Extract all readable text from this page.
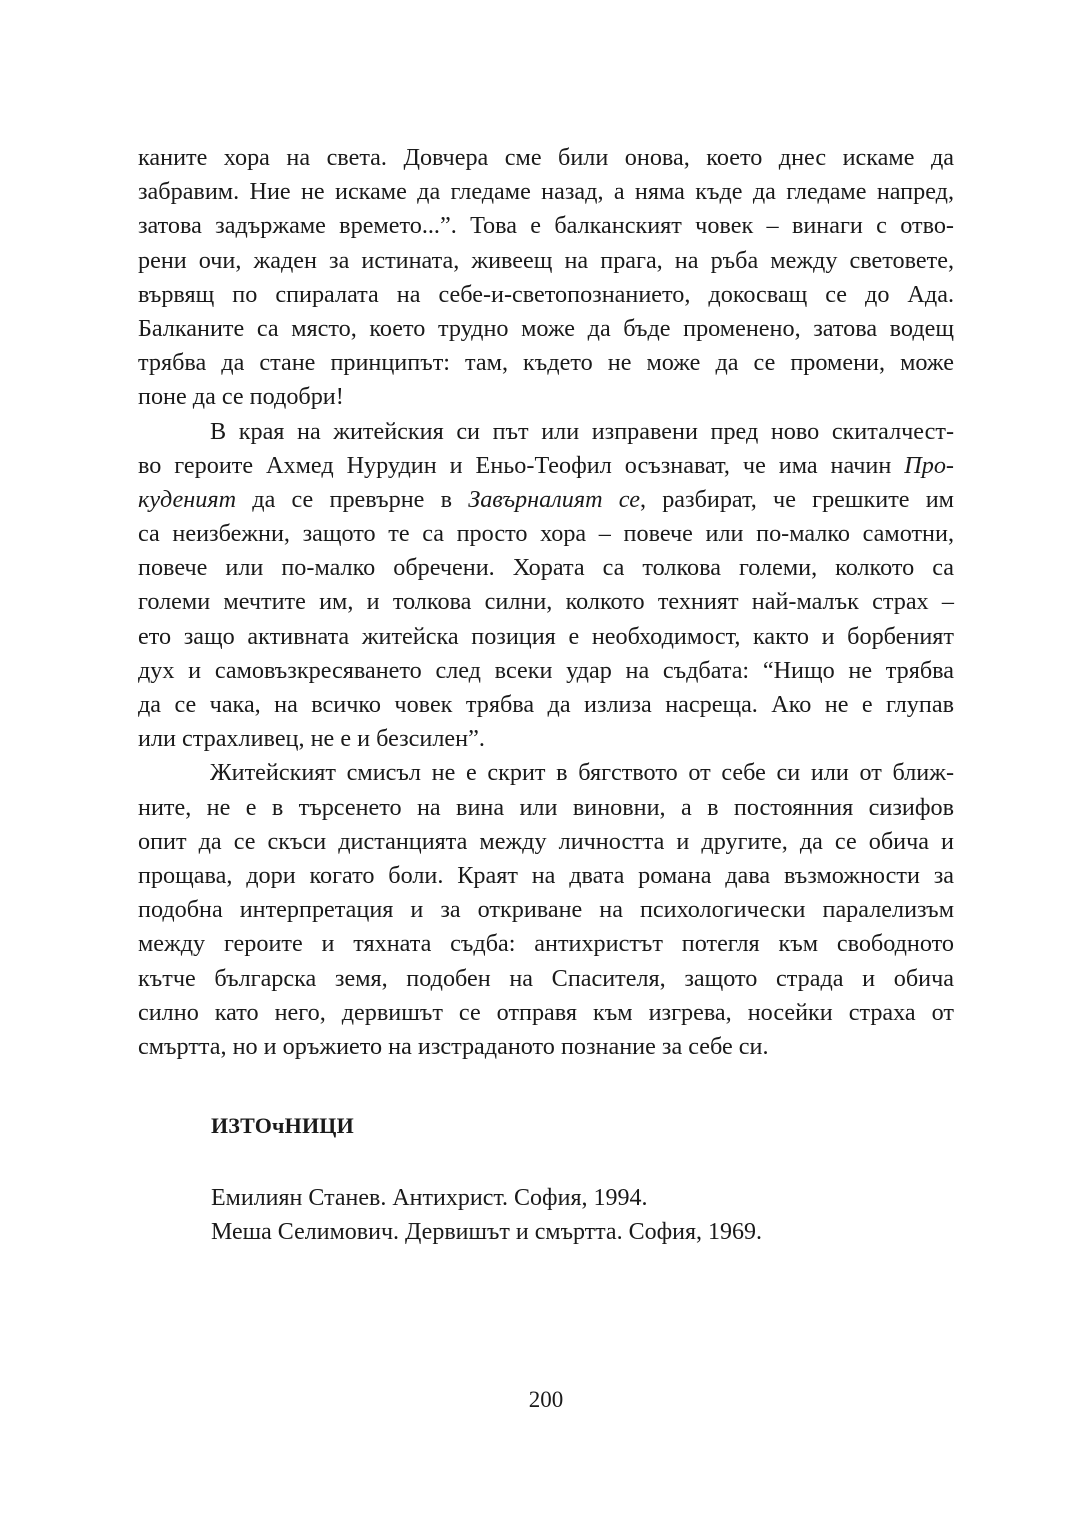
каните хора на света. Довчера сме били онова, което днес искаме да
забравим. Ние не искаме да гледаме назад, а няма къде да гледаме напред,
затова задържаме времето...”. Това е балканският човек – винаги с отво-
рени очи, жаден за истината, живеещ на прага, на ръба между световете,
вървящ по спиралата на себе-и-светопознанието, докосващ се до Ада.
Балканите са място, което трудно може да бъде променено, затова водещ
трябва да стане принципът: там, където не може да се промени, може
поне да се подобри!
В края на житейския си път или изправени пред ново скиталчест-
во героите Ахмед Нурудин и Еньо-Теофил осъзнават, че има начин Про-
куденият да се превърне в Завърналият се, разбират, че грешките им
са неизбежни, защото те са просто хора – повече или по-малко самотни,
повече или по-малко обречени. Хората са толкова големи, колкото са
големи мечтите им, и толкова силни, колкото техният най-малък страх –
ето защо активната житейска позиция е необходимост, както и борбеният
дух и самовъзкресяването след всеки удар на съдбата: “Нищо не трябва
да се чака, на всичко човек трябва да излиза насреща. Ако не е глупав
или страхливец, не е и безсилен”.
Житейският смисъл не е скрит в бягството от себе си или от ближ-
ните, не е в търсенето на вина или виновни, а в постоянния сизифов
опит да се скъси дистанцията между личността и другите, да се обича и
прощава, дори когато боли. Краят на двата романа дава възможности за
подобна интерпретация и за откриване на психологически паралелизъм
между героите и тяхната съдба: антихристът потегля към свободното
кътче българска земя, подобен на Спасителя, защото страда и обича
силно като него, дервишът се отправя към изгрева, носейки страха от
смъртта, но и оръжието на изстраданото познание за себе си.
ИЗТОчНИЦИ
Емилиян Станев. Антихрист. София, 1994.
Меша Селимович. Дервишът и смъртта. София, 1969.
200
